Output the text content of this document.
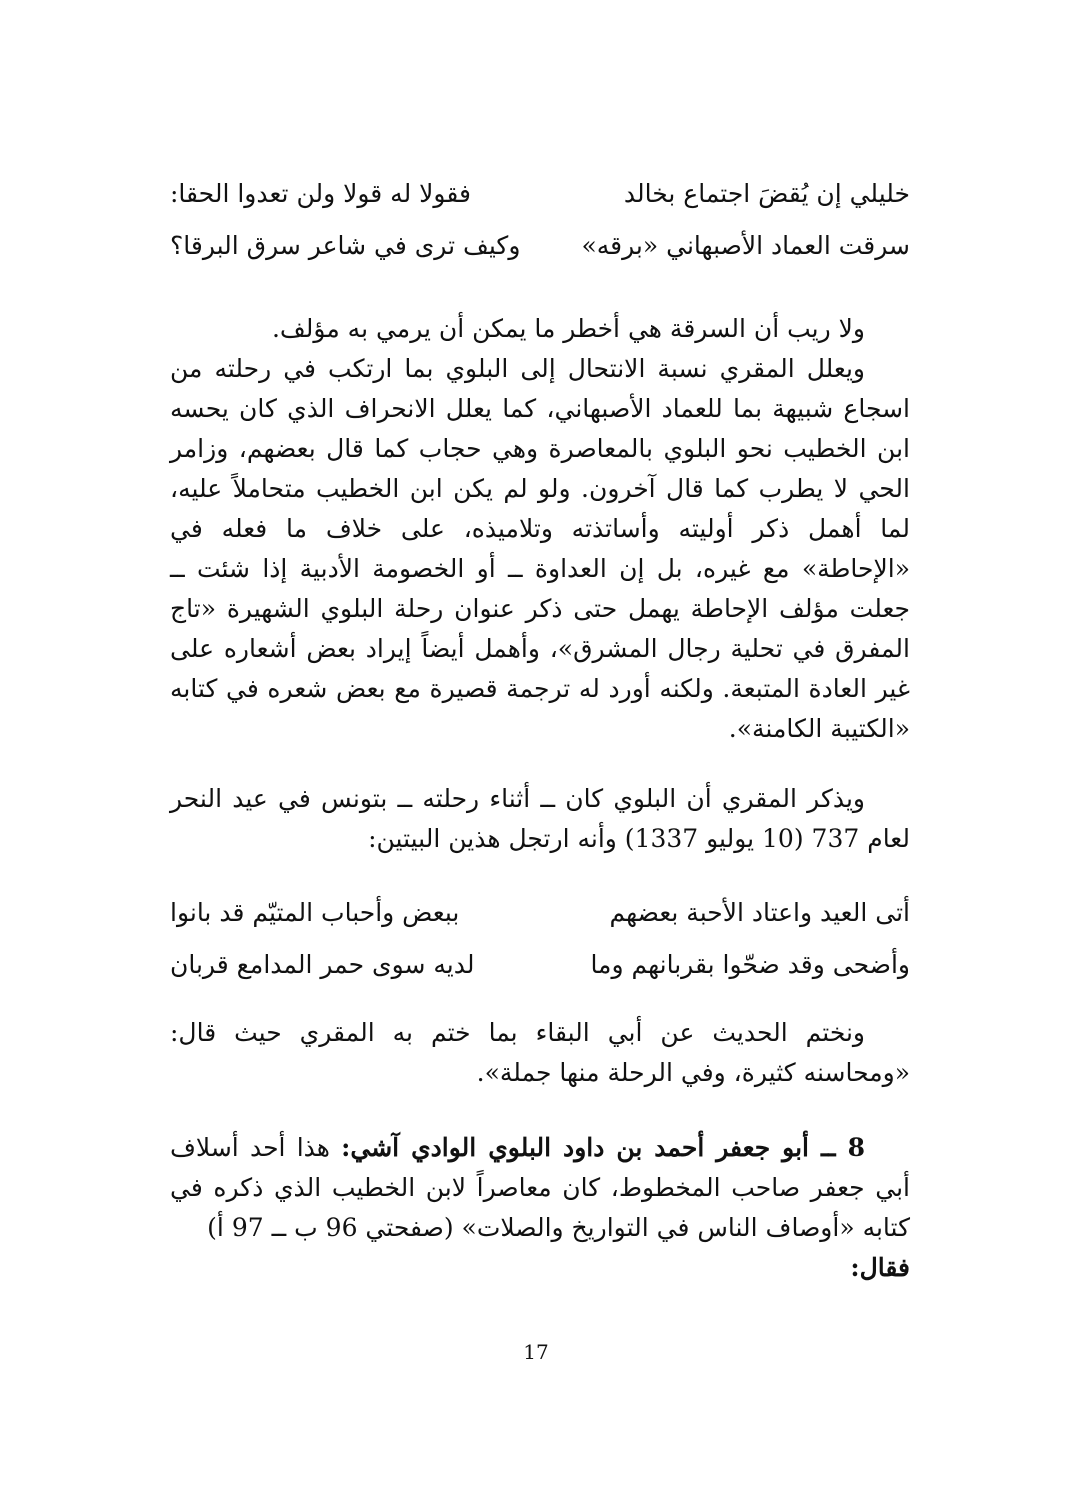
خليلي إن يُقضَ اجتماع بخالد
فقولا له قولا ولن تعدوا الحقا:
سرقت العماد الأصبهاني «برقه»
وكيف ترى في شاعر سرق البرقا؟

ولا ريب أن السرقة هي أخطر ما يمكن أن يرمي به مؤلف.

ويعلل المقري نسبة الانتحال إلى البلوي بما ارتكب في رحلته من اسجاع شبيهة بما للعماد الأصبهاني، كما يعلل الانحراف الذي كان يحسه ابن الخطيب نحو البلوي بالمعاصرة وهي حجاب كما قال بعضهم، وزامر الحي لا يطرب كما قال آخرون. ولو لم يكن ابن الخطيب متحاملاً عليه، لما أهمل ذكر أوليته وأساتذته وتلاميذه، على خلاف ما فعله في «الإحاطة» مع غيره، بل إن العداوة ــ أو الخصومة الأدبية إذا شئت ــ جعلت مؤلف الإحاطة يهمل حتى ذكر عنوان رحلة البلوي الشهيرة «تاج المفرق في تحلية رجال المشرق»، وأهمل أيضاً إيراد بعض أشعاره على غير العادة المتبعة. ولكنه أورد له ترجمة قصيرة مع بعض شعره في كتابه «الكتيبة الكامنة».

ويذكر المقري أن البلوي كان ــ أثناء رحلته ــ بتونس في عيد النحر لعام 737 (10 يوليو 1337) وأنه ارتجل هذين البيتين:

أتى العيد واعتاد الأحبة بعضهم
ببعض وأحباب المتيّم قد بانوا
وأضحى وقد ضحّوا بقربانهم وما
لديه سوى حمر المدامع قربان

ونختم الحديث عن أبي البقاء بما ختم به المقري حيث قال: «ومحاسنه كثيرة، وفي الرحلة منها جملة».

8 ــ أبو جعفر أحمد بن داود البلوي الوادي آشي: هذا أحد أسلاف أبي جعفر صاحب المخطوط، كان معاصراً لابن الخطيب الذي ذكره في كتابه «أوصاف الناس في التواريخ والصلات» (صفحتي 96 ب ــ 97 أ)

فقال:

17
